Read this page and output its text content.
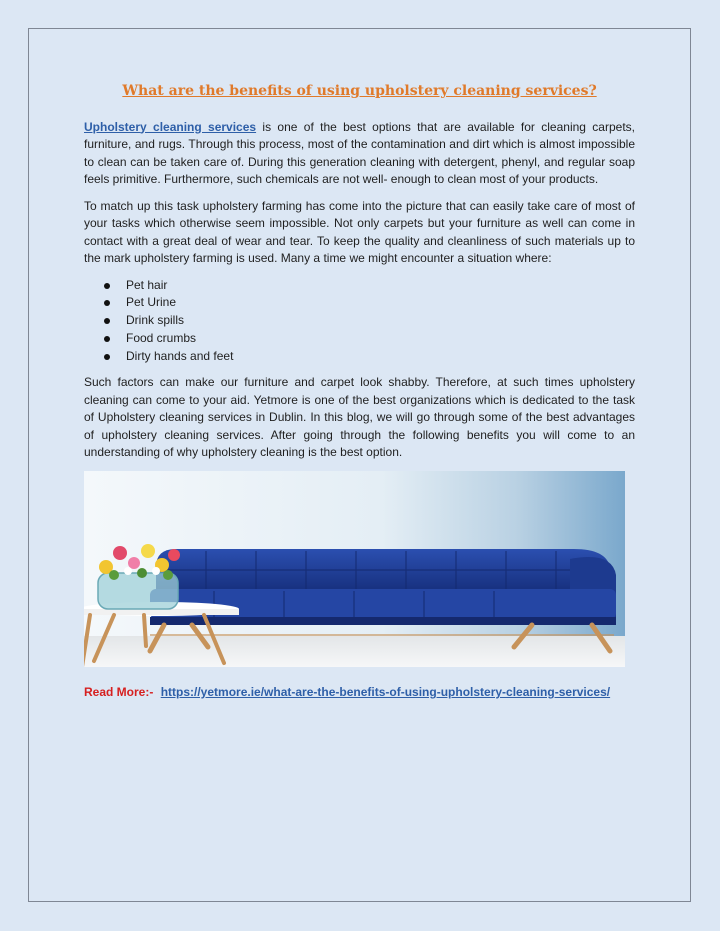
What are the benefits of using upholstery cleaning services?

Upholstery cleaning services is one of the best options that are available for cleaning carpets, furniture, and rugs. Through this process, most of the contamination and dirt which is almost impossible to clean can be taken care of. During this generation cleaning with detergent, phenyl, and regular soap feels primitive. Furthermore, such chemicals are not well- enough to clean most of your products.

To match up this task upholstery farming has come into the picture that can easily take care of most of your tasks which otherwise seem impossible. Not only carpets but your furniture as well can come in contact with a great deal of wear and tear. To keep the quality and cleanliness of such materials up to the mark upholstery farming is used. Many a time we might encounter a situation where:

Pet hair
Pet Urine
Drink spills
Food crumbs
Dirty hands and feet

Such factors can make our furniture and carpet look shabby. Therefore, at such times upholstery cleaning can come to your aid. Yetmore is one of the best organizations which is dedicated to the task of Upholstery cleaning services in Dublin. In this blog, we will go through some of the best advantages of upholstery cleaning services. After going through the following benefits you will come to an understanding of why upholstery cleaning is the best option.

Read More:- https://yetmore.ie/what-are-the-benefits-of-using-upholstery-cleaning-services/
